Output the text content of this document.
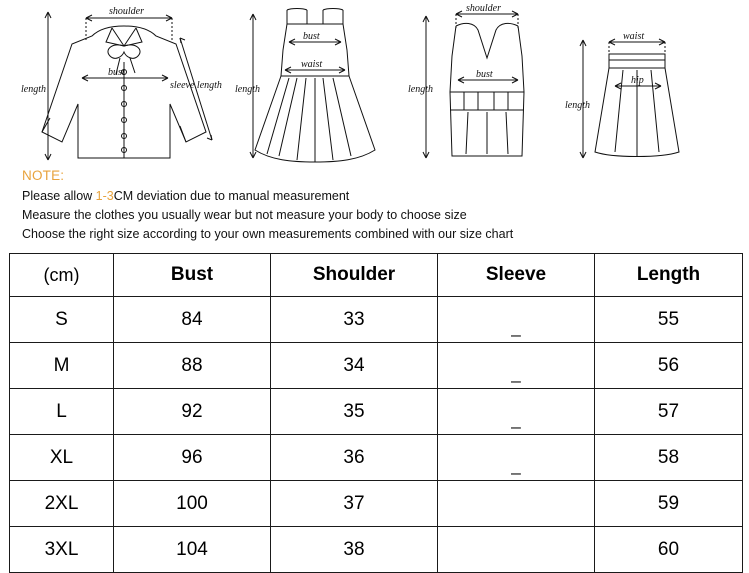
length
shoulder
bust
sleeve length length
bust
waist
length
shoulder
bust
length
waist
hip
NOTE:
Please allow 1-3CM deviation due to manual measurement
Measure the clothes you usually wear but not measure your body to choose size
Choose the right size according to your own measurements combined with our size chart
(cm)	Bust	Shoulder	Sleeve	Length
S	84	33	_	55
M	88	34	_	56
L	92	35	_	57
XL	96	36	_	58
2XL	100	37		59
3XL	104	38		60
